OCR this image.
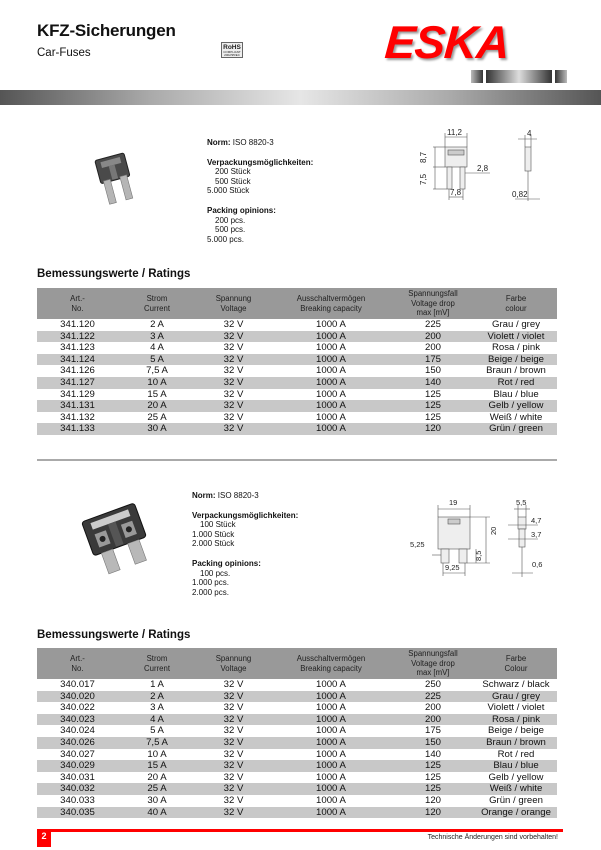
KFZ-Sicherungen
Car-Fuses	RoHS
COMPLIANT 2002/95/EC	ESKA
Norm: ISO 8820-3
Verpackungsmöglichkeiten:
200 Stück
500 Stück
5.000 Stück
Packing opinions:
200 pcs.
500 pcs.
5.000 pcs.
11,2	4
8,7
7,5
2,8
7,8	0,82
Bemessungswerte / Ratings
Art.-
No.	Strom
Current	Spannung
Voltage	Ausschaltvermögen
Breaking capacity	Spannungsfall
Voltage drop
max [mV]	Farbe
colour
341.120	2 A	32 V	1000 A	225	Grau / grey
341.122	3 A	32 V	1000 A	200	Violett / violet
341.123	4 A	32 V	1000 A	200	Rosa / pink
341.124	5 A	32 V	1000 A	175	Beige / beige
341.126	7,5 A	32 V	1000 A	150	Braun / brown
341.127	10 A	32 V	1000 A	140	Rot / red
341.129	15 A	32 V	1000 A	125	Blau / blue
341.131	20 A	32 V	1000 A	125	Gelb / yellow
341.132	25 A	32 V	1000 A	125	Weiß / white
341.133	30 A	32 V	1000 A	120	Grün / green
Norm: ISO 8820-3
Verpackungsmöglichkeiten:
100 Stück
1.000 Stück
2.000 Stück
Packing opinions:
100 pcs.
1.000 pcs.
2.000 pcs.
19	5,5
20
8,5
5,25
9,25
4,7
3,7
0,6
Bemessungswerte / Ratings
Art.-
No.	Strom
Current	Spannung
Voltage	Ausschaltvermögen
Breaking capacity	Spannungsfall
Voltage drop
max [mV]	Farbe
Colour
340.017	1 A	32 V	1000 A	250	Schwarz / black
340.020	2 A	32 V	1000 A	225	Grau / grey
340.022	3 A	32 V	1000 A	200	Violett / violet
340.023	4 A	32 V	1000 A	200	Rosa / pink
340.024	5 A	32 V	1000 A	175	Beige / beige
340.026	7,5 A	32 V	1000 A	150	Braun / brown
340.027	10 A	32 V	1000 A	140	Rot / red
340.029	15 A	32 V	1000 A	125	Blau / blue
340.031	20 A	32 V	1000 A	125	Gelb / yellow
340.032	25 A	32 V	1000 A	125	Weiß / white
340.033	30 A	32 V	1000 A	120	Grün / green
340.035	40 A	32 V	1000 A	120	Orange / orange
2	Technische Änderungen sind vorbehalten!
